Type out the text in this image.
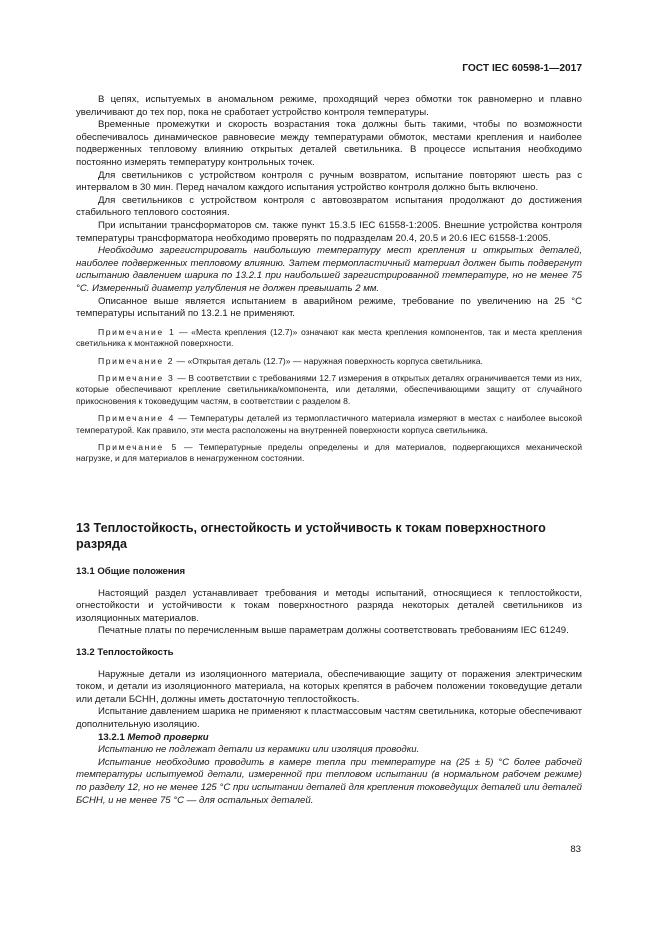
ГОСТ IEC 60598-1—2017

В цепях, испытуемых в аномальном режиме, проходящий через обмотки ток равномерно и плавно увеличивают до тех пор, пока не сработает устройство контроля температуры.

Временные промежутки и скорость возрастания тока должны быть такими, чтобы по возможности обеспечивалось динамическое равновесие между температурами обмоток, местами крепления и наиболее подверженных тепловому влиянию открытых деталей светильника. В процессе испытания необходимо постоянно измерять температуру контрольных точек.

Для светильников с устройством контроля с ручным возвратом, испытание повторяют шесть раз с интервалом в 30 мин. Перед началом каждого испытания устройство контроля должно быть включено.

Для светильников с устройством контроля с автовозвратом испытания продолжают до достижения стабильного теплового состояния.

При испытании трансформаторов см. также пункт 15.3.5 IEC 61558-1:2005. Внешние устройства контроля температуры трансформатора необходимо проверять по подразделам 20.4, 20.5 и 20.6 IEC 61558-1:2005.

Необходимо зарегистрировать наибольшую температуру мест крепления и открытых деталей, наиболее подверженных тепловому влиянию. Затем термопластичный материал должен быть подвергнут испытанию давлением шарика по 13.2.1 при наибольшей зарегистрированной температуре, но не менее 75 °С. Измеренный диаметр углубления не должен превышать 2 мм.

Описанное выше является испытанием в аварийном режиме, требование по увеличению на 25 °С температуры испытаний по 13.2.1 не применяют.

Примечание 1 — «Места крепления (12.7)» означают как места крепления компонентов, так и места крепления светильника к монтажной поверхности.

Примечание 2 — «Открытая деталь (12.7)» — наружная поверхность корпуса светильника.

Примечание 3 — В соответствии с требованиями 12.7 измерения в открытых деталях ограничивается теми из них, которые обеспечивают крепление светильника/компонента, или деталями, обеспечивающими защиту от случайного прикосновения к токоведущим частям, в соответствии с разделом 8.

Примечание 4 — Температуры деталей из термопластичного материала измеряют в местах с наиболее высокой температурой. Как правило, эти места расположены на внутренней поверхности корпуса светильника.

Примечание 5 — Температурные пределы определены и для материалов, подвергающихся механической нагрузке, и для материалов в ненагруженном состоянии.

13 Теплостойкость, огнестойкость и устойчивость к токам поверхностного разряда

13.1 Общие положения

Настоящий раздел устанавливает требования и методы испытаний, относящиеся к теплостойкости, огнестойкости и устойчивости к токам поверхностного разряда некоторых деталей светильников из изоляционных материалов.

Печатные платы по перечисленным выше параметрам должны соответствовать требованиям IEC 61249.

13.2 Теплостойкость

Наружные детали из изоляционного материала, обеспечивающие защиту от поражения электрическим током, и детали из изоляционного материала, на которых крепятся в рабочем положении токоведущие детали или детали БСНН, должны иметь достаточную теплостойкость.

Испытание давлением шарика не применяют к пластмассовым частям светильника, которые обеспечивают дополнительную изоляцию.

13.2.1 Метод проверки

Испытанию не подлежат детали из керамики или изоляция проводки.

Испытание необходимо проводить в камере тепла при температуре на (25 ± 5) °С более рабочей температуры испытуемой детали, измеренной при тепловом испытании (в нормальном рабочем режиме) по разделу 12, но не менее 125 °С при испытании деталей для крепления токоведущих деталей или деталей БСНН, и не менее 75 °С — для остальных деталей.

83
